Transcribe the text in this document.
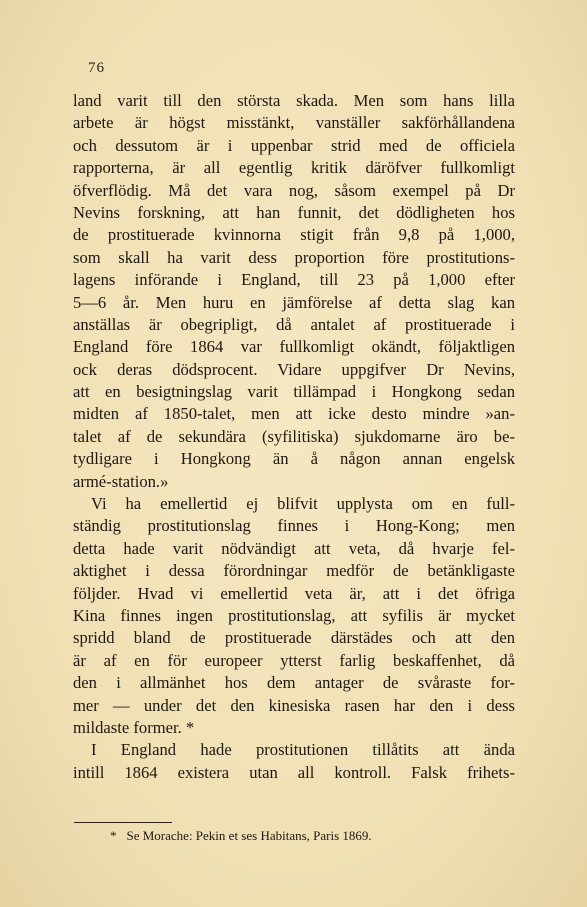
76
land varit till den största skada. Men som hans lilla
arbete är högst misstänkt, vanställer sakförhållandena
och dessutom är i uppenbar strid med de officiela
rapporterna, är all egentlig kritik däröfver fullkomligt
öfverflödig. Må det vara nog, såsom exempel på Dr
Nevins forskning, att han funnit, det dödligheten hos
de prostituerade kvinnorna stigit från 9,8 på 1,000,
som skall ha varit dess proportion före prostitutions-
lagens införande i England, till 23 på 1,000 efter
5—6 år. Men huru en jämförelse af detta slag kan
anställas är obegripligt, då antalet af prostituerade i
England före 1864 var fullkomligt okändt, följaktligen
ock deras dödsprocent. Vidare uppgifver Dr Nevins,
att en besigtningslag varit tillämpad i Hongkong sedan
midten af 1850-talet, men att icke desto mindre »an-
talet af de sekundära (syfilitiska) sjukdomarne äro be-
tydligare i Hongkong än å någon annan engelsk
armé-station.»
Vi ha emellertid ej blifvit upplysta om en full-
ständig prostitutionslag finnes i Hong-Kong; men
detta hade varit nödvändigt att veta, då hvarje fel-
aktighet i dessa förordningar medför de betänkligaste
följder. Hvad vi emellertid veta är, att i det öfriga
Kina finnes ingen prostitutionslag, att syfilis är mycket
spridd bland de prostituerade därstädes och att den
är af en för europeer ytterst farlig beskaffenhet, då
den i allmänhet hos dem antager de svåraste for-
mer — under det den kinesiska rasen har den i dess
mildaste former. *
I England hade prostitutionen tillåtits att ända
intill 1864 existera utan all kontroll. Falsk frihets-
* Se Morache: Pekin et ses Habitans, Paris 1869.
